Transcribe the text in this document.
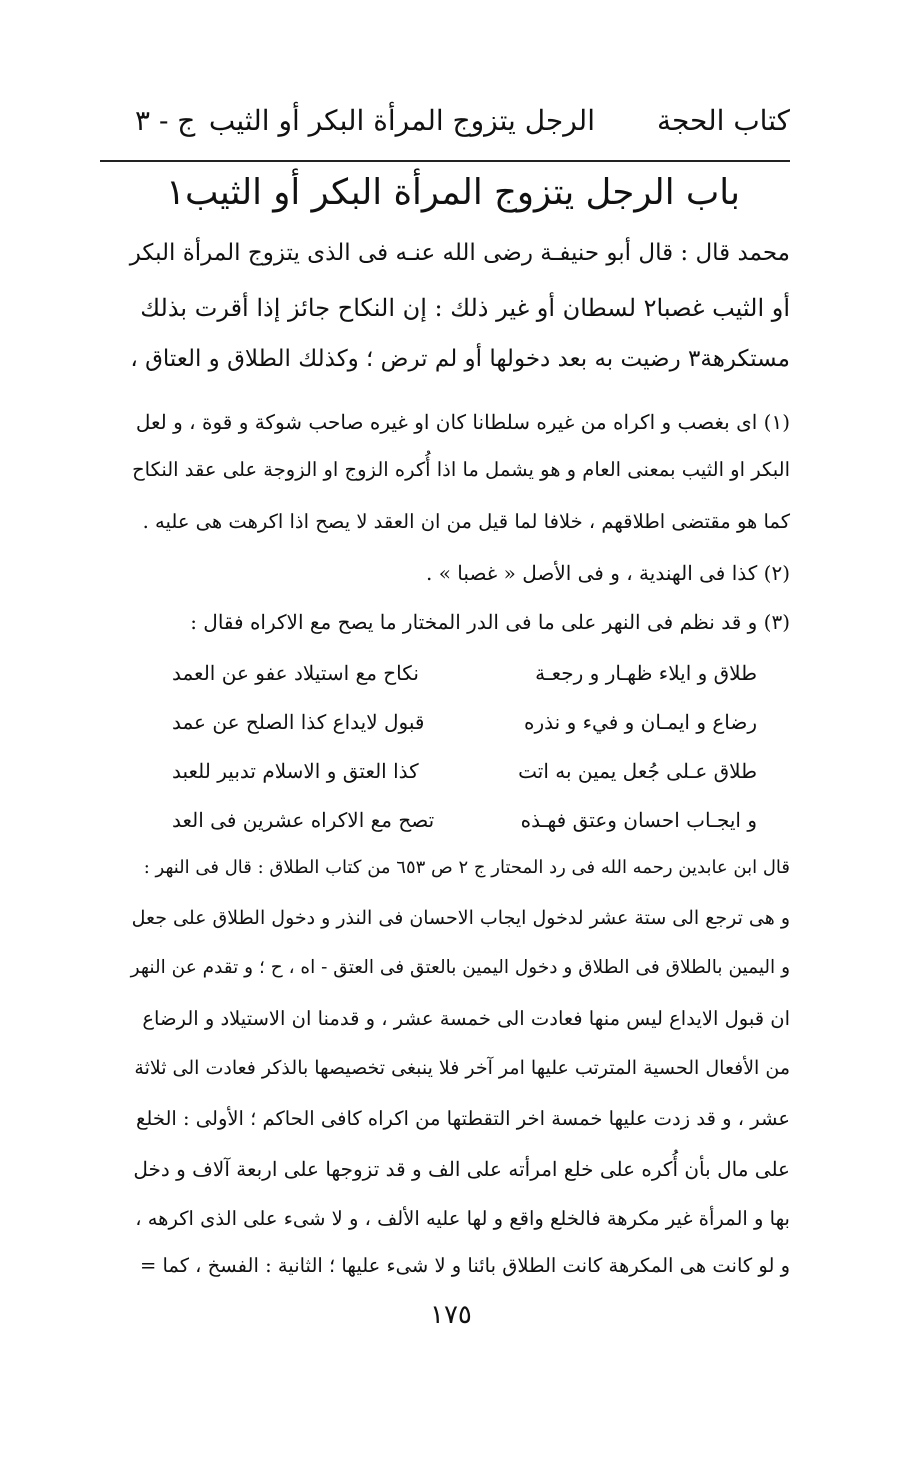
كتاب الحجة
الرجل يتزوج المرأة البكر أو الثيب
ج - ٣
باب الرجل يتزوج المرأة البكر أو الثيب١
محمد قال : قال أبو حنيفـة رضى الله عنـه فى الذى يتزوج المرأة البكر
أو الثيب غصبا٢ لسطان أو غير ذلك : إن النكاح جائز إذا أقرت بذلك
مستكرهة٣ رضيت به بعد دخولها أو لم ترض ؛ وكذلك الطلاق و العتاق ،
(١) اى بغصب و اكراه من غيره سلطانا كان او غيره صاحب شوكة و قوة ، و لعل
البكر او الثيب بمعنى العام و هو يشمل ما اذا أُكره الزوج او الزوجة على عقد النكاح
كما هو مقتضى اطلاقهم ، خلافا لما قيل من ان العقد لا يصح اذا اكرهت هى عليه .
(٢) كذا فى الهندية ، و فى الأصل « غصبا » .
(٣) و قد نظم فى النهر على ما فى الدر المختار ما يصح مع الاكراه فقال :
طلاق و ايلاء ظهـار و رجعـة
نكاح مع استيلاد عفو عن العمد
رضاع و ايمـان و فيء و نذره
قبول لايداع كذا الصلح عن عمد
طلاق عـلى جُعل يمين به اتت
كذا العتق و الاسلام تدبير للعبد
و ايجـاب احسان وعتق فهـذه
تصح مع الاكراه عشرين فى العد
قال ابن عابدين رحمه الله فى رد المحتار ج ٢ ص ٦٥٣ من كتاب الطلاق : قال فى النهر :
و هى ترجع الى ستة عشر لدخول ايجاب الاحسان فى النذر و دخول الطلاق على جعل
و اليمين بالطلاق فى الطلاق و دخول اليمين بالعتق فى العتق - اه ، ح ؛ و تقدم عن النهر
ان قبول الايداع ليس منها فعادت الى خمسة عشر ، و قدمنا ان الاستيلاد و الرضاع
من الأفعال الحسية المترتب عليها امر آخر فلا ينبغى تخصيصها بالذكر فعادت الى ثلاثة
عشر ، و قد زدت عليها خمسة اخر التقطتها من اكراه كافى الحاكم ؛ الأولى : الخلع
على مال بأن أُكره على خلع امرأته على الف و قد تزوجها على اربعة آلاف و دخل
بها و المرأة غير مكرهة فالخلع واقع و لها عليه الألف ، و لا شىء على الذى اكرهه ،
و لو كانت هى المكرهة كانت الطلاق بائنا و لا شىء عليها ؛ الثانية : الفسخ ، كما =
١٧٥
